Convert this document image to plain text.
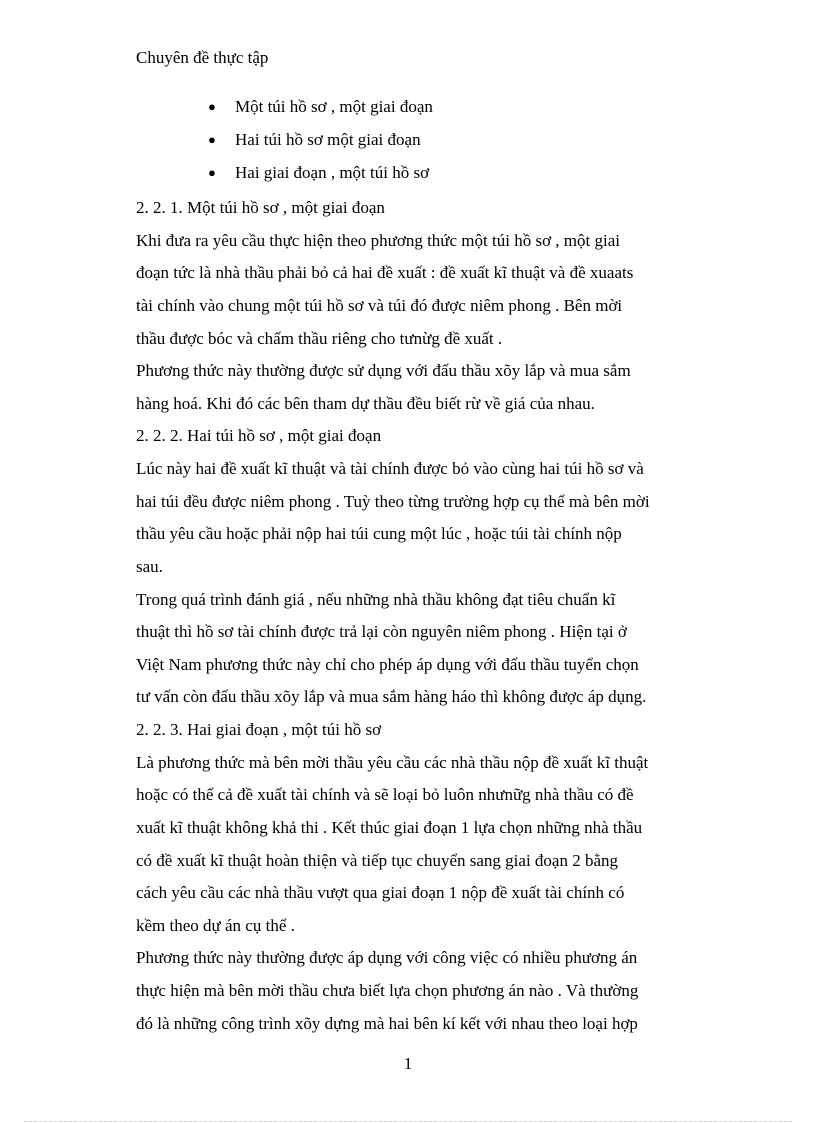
Chuyên đề thực tập
● Một túi hồ sơ , một giai đoạn
● Hai túi hồ sơ một giai đoạn
● Hai giai đoạn , một túi hồ sơ
2. 2. 1. Một túi hồ sơ , một giai đoạn
Khi đưa ra yêu cầu thực hiện theo phương thức một túi hồ sơ , một giai
đoạn tức là nhà thầu phải bỏ cả hai đề xuất : đề xuất kĩ thuật và đề xuaats
tài chính vào chung một túi hồ sơ và túi đó được niêm phong . Bên mời
thầu được bóc và chấm thầu riêng cho tưnừg đề xuất .
Phương thức này thường được sử dụng với đấu thầu xõy lắp và mua sắm
hàng hoá. Khi đó các bên tham dự thầu đều biết rừ về giá của nhau.
2. 2. 2. Hai túi hồ sơ , một giai đoạn
Lúc này hai đề xuất kĩ thuật và tài chính được bỏ vào cùng hai túi hồ sơ và
hai túi đều được niêm phong . Tuỳ theo từng trường hợp cụ thể mà bên mời
thầu yêu cầu hoặc phải nộp hai túi cung một lúc , hoặc túi tài chính nộp
sau.
Trong quá trình đánh giá , nếu những nhà thầu không đạt tiêu chuẩn kĩ
thuật thì hồ sơ tài chính được trả lại còn nguyên niêm phong . Hiện tại ở
Việt Nam phương thức này chỉ cho phép áp dụng với đấu thầu tuyển chọn
tư vấn còn đấu thầu xõy lắp và mua sắm hàng háo thì không được áp dụng.
2. 2. 3. Hai giai đoạn , một túi hồ sơ
Là phương thức mà bên mời thầu yêu cầu các nhà thầu nộp đề xuất kĩ thuật
hoặc có thể cả đề xuất tài chính và sẽ loại bỏ luôn nhưnữg nhà thầu có đề
xuất kĩ thuật không khả thi . Kết thúc giai đoạn 1 lựa chọn những nhà thầu
có đề xuất kĩ thuật hoàn thiện và tiếp tục chuyển sang giai đoạn 2 bằng
cách yêu cầu các nhà thầu vượt qua giai đoạn 1 nộp đề xuất tài chính có
kềm theo dự án cụ thể .
Phương thức này thường được áp dụng với công việc có nhiều phương án
thực hiện mà bên mời thầu chưa biết lựa chọn phương án nào . Và thường
đó là những công trình xõy dựng mà hai bên kí kết với nhau theo loại hợp
1
